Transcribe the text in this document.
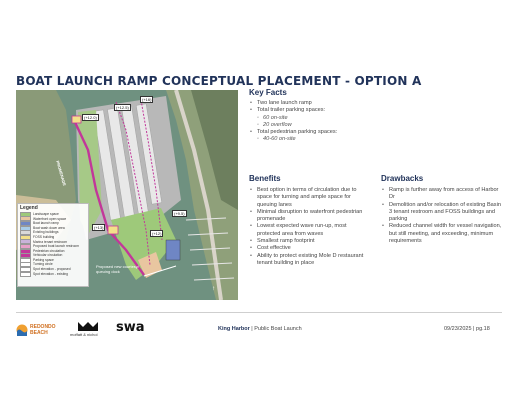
BOAT LAUNCH RAMP CONCEPTUAL PLACEMENT - OPTION A
(+12.5)
(+16)
(+12.0)
(+13)
(+9.5)
(+12)
PROMENADE
Proposed new courtesy/
queuing dock
↑
Legend
Landscape space
Waterfront open space
Boat launch ramp
Boat wash down area
Existing buildings
FOSS building
Marina tenant restroom
Proposed boat launch restroom
Pedestrian circulation
Vehicular circulation
Parking space
Turning circle
Spot elevation - proposed
Spot elevation - existing
Key Facts
• Two lane launch ramp
• Total trailer parking spaces:
◦ 60 on-site
◦ 20 overflow
• Total pedestrian parking spaces:
◦ 40-60 on-site
Benefits
• Best option in terms of circulation due to space for turning and ample space for queuing lanes
• Minimal disruption to waterfront pedestrian promenade
• Lowest expected wave run-up, most protected area from waves
• Smallest ramp footprint
• Cost effective
• Ability to protect existing Mole D restaurant tenant building in place
Drawbacks
• Ramp is further away from access of Harbor Dr
• Demolition and/or relocation of existing Basin 3 tenant restroom and FOSS buildings and parking
• Reduced channel width for vessel navigation, but still meeting, and exceeding, minimum requirements
REDONDO
BEACH	moffatt & nichol swa	King Harbor | Public Boat Launch	09/23/2025 | pg.18
